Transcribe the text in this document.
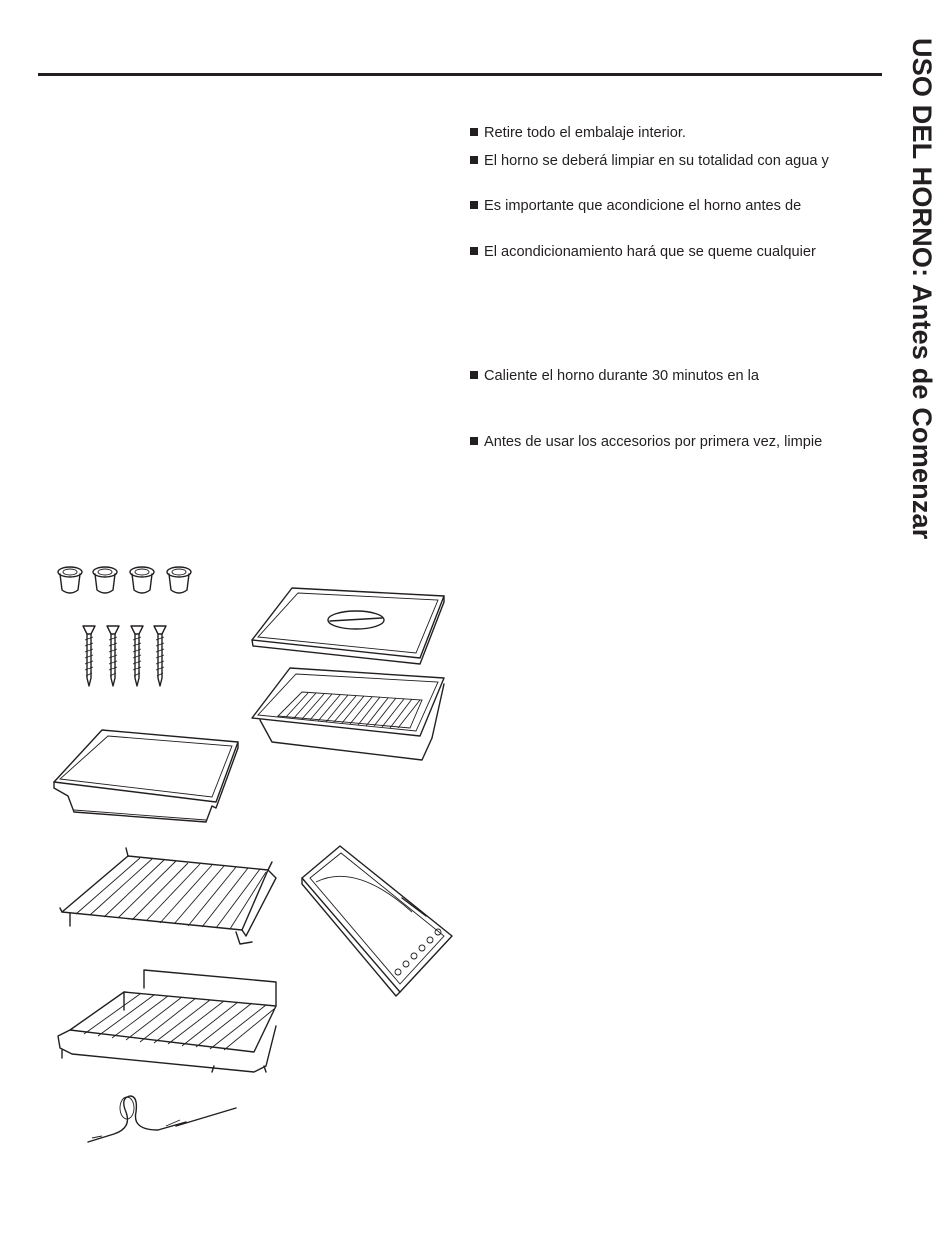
USO DEL HORNO: Antes de Comenzar
Retire todo el embalaje interior.
El horno se deberá limpiar en su totalidad con agua y
Es importante que acondicione el horno antes de
El acondicionamiento hará que se queme cualquier
Caliente el horno durante 30 minutos en la
Antes de usar los accesorios por primera vez, limpie
